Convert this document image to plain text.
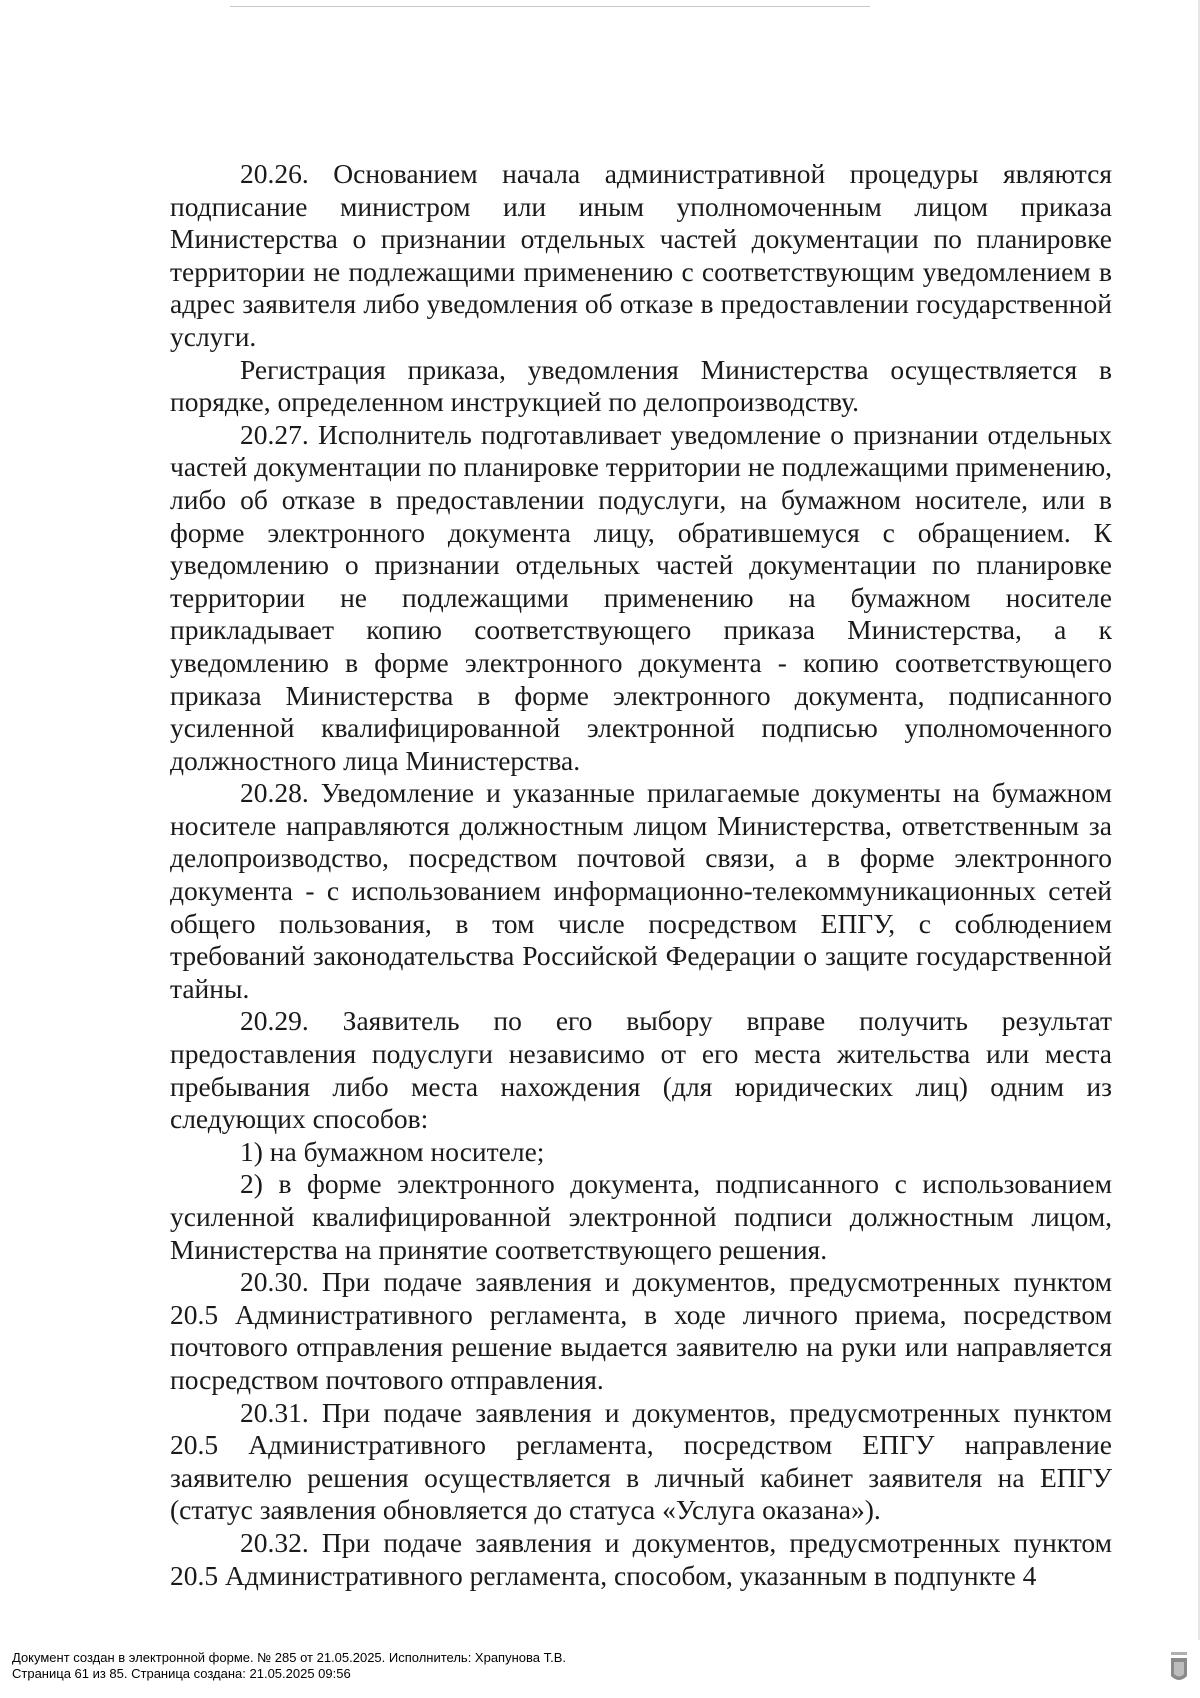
20.26. Основанием начала административной процедуры являются подписание министром или иным уполномоченным лицом приказа Министерства о признании отдельных частей документации по планировке территории не подлежащими применению с соответствующим уведомлением в адрес заявителя либо уведомления об отказе в предоставлении государственной услуги.

Регистрация приказа, уведомления Министерства осуществляется в порядке, определенном инструкцией по делопроизводству.

20.27. Исполнитель подготавливает уведомление о признании отдельных частей документации по планировке территории не подлежащими применению, либо об отказе в предоставлении подуслуги, на бумажном носителе, или в форме электронного документа лицу, обратившемуся с обращением. К уведомлению о признании отдельных частей документации по планировке территории не подлежащими применению на бумажном носителе прикладывает копию соответствующего приказа Министерства, а к уведомлению в форме электронного документа - копию соответствующего приказа Министерства в форме электронного документа, подписанного усиленной квалифицированной электронной подписью уполномоченного должностного лица Министерства.

20.28. Уведомление и указанные прилагаемые документы на бумажном носителе направляются должностным лицом Министерства, ответственным за делопроизводство, посредством почтовой связи, а в форме электронного документа - с использованием информационно-телекоммуникационных сетей общего пользования, в том числе посредством ЕПГУ, с соблюдением требований законодательства Российской Федерации о защите государственной тайны.

20.29. Заявитель по его выбору вправе получить результат предоставления подуслуги независимо от его места жительства или места пребывания либо места нахождения (для юридических лиц) одним из следующих способов:

1) на бумажном носителе;

2) в форме электронного документа, подписанного с использованием усиленной квалифицированной электронной подписи должностным лицом, Министерства на принятие соответствующего решения.

20.30. При подаче заявления и документов, предусмотренных пунктом 20.5 Административного регламента, в ходе личного приема, посредством почтового отправления решение выдается заявителю на руки или направляется посредством почтового отправления.

20.31. При подаче заявления и документов, предусмотренных пунктом 20.5 Административного регламента, посредством ЕПГУ направление заявителю решения осуществляется в личный кабинет заявителя на ЕПГУ (статус заявления обновляется до статуса «Услуга оказана»).

20.32. При подаче заявления и документов, предусмотренных пунктом 20.5 Административного регламента, способом, указанным в подпункте 4

Документ создан в электронной форме. № 285 от 21.05.2025. Исполнитель: Храпунова Т.В.
Страница 61 из 85. Страница создана: 21.05.2025 09:56
